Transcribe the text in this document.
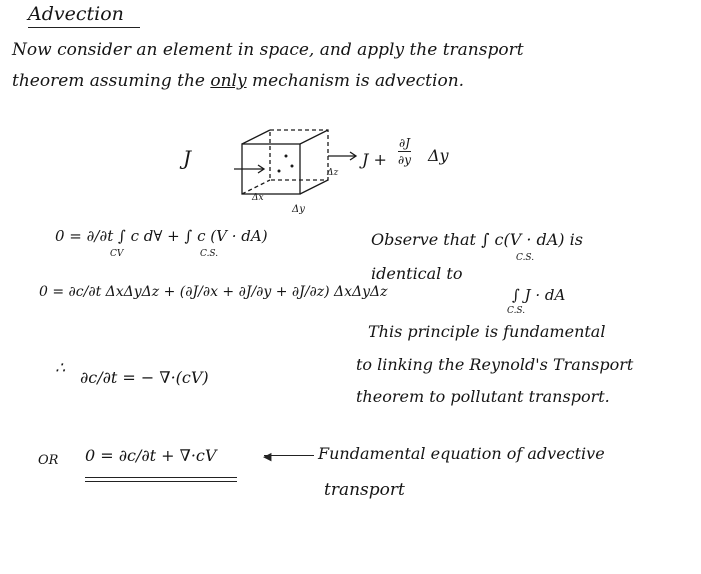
Advection
Now consider an element in space, and apply the transport
theorem assuming the only mechanism is advection.
J
Δz
Δx
Δy
J +
∂J
∂y Δy
0 = ∂/∂t ∫ c d∀ + ∫ c (V · dA)
CV	C.S.
Observe that ∫ c(V · dA) is
C.S.
identical to
∫ J · dA
C.S.
0 = ∂c/∂t ΔxΔyΔz + (∂J/∂x + ∂J/∂y + ∂J/∂z) ΔxΔyΔz
This principle is fundamental
to linking the Reynold's Transport
theorem to pollutant transport.
∴
∂c/∂t = − ∇·(cV)
OR 0 = ∂c/∂t + ∇·cV	◀	Fundamental equation of advective
transport
